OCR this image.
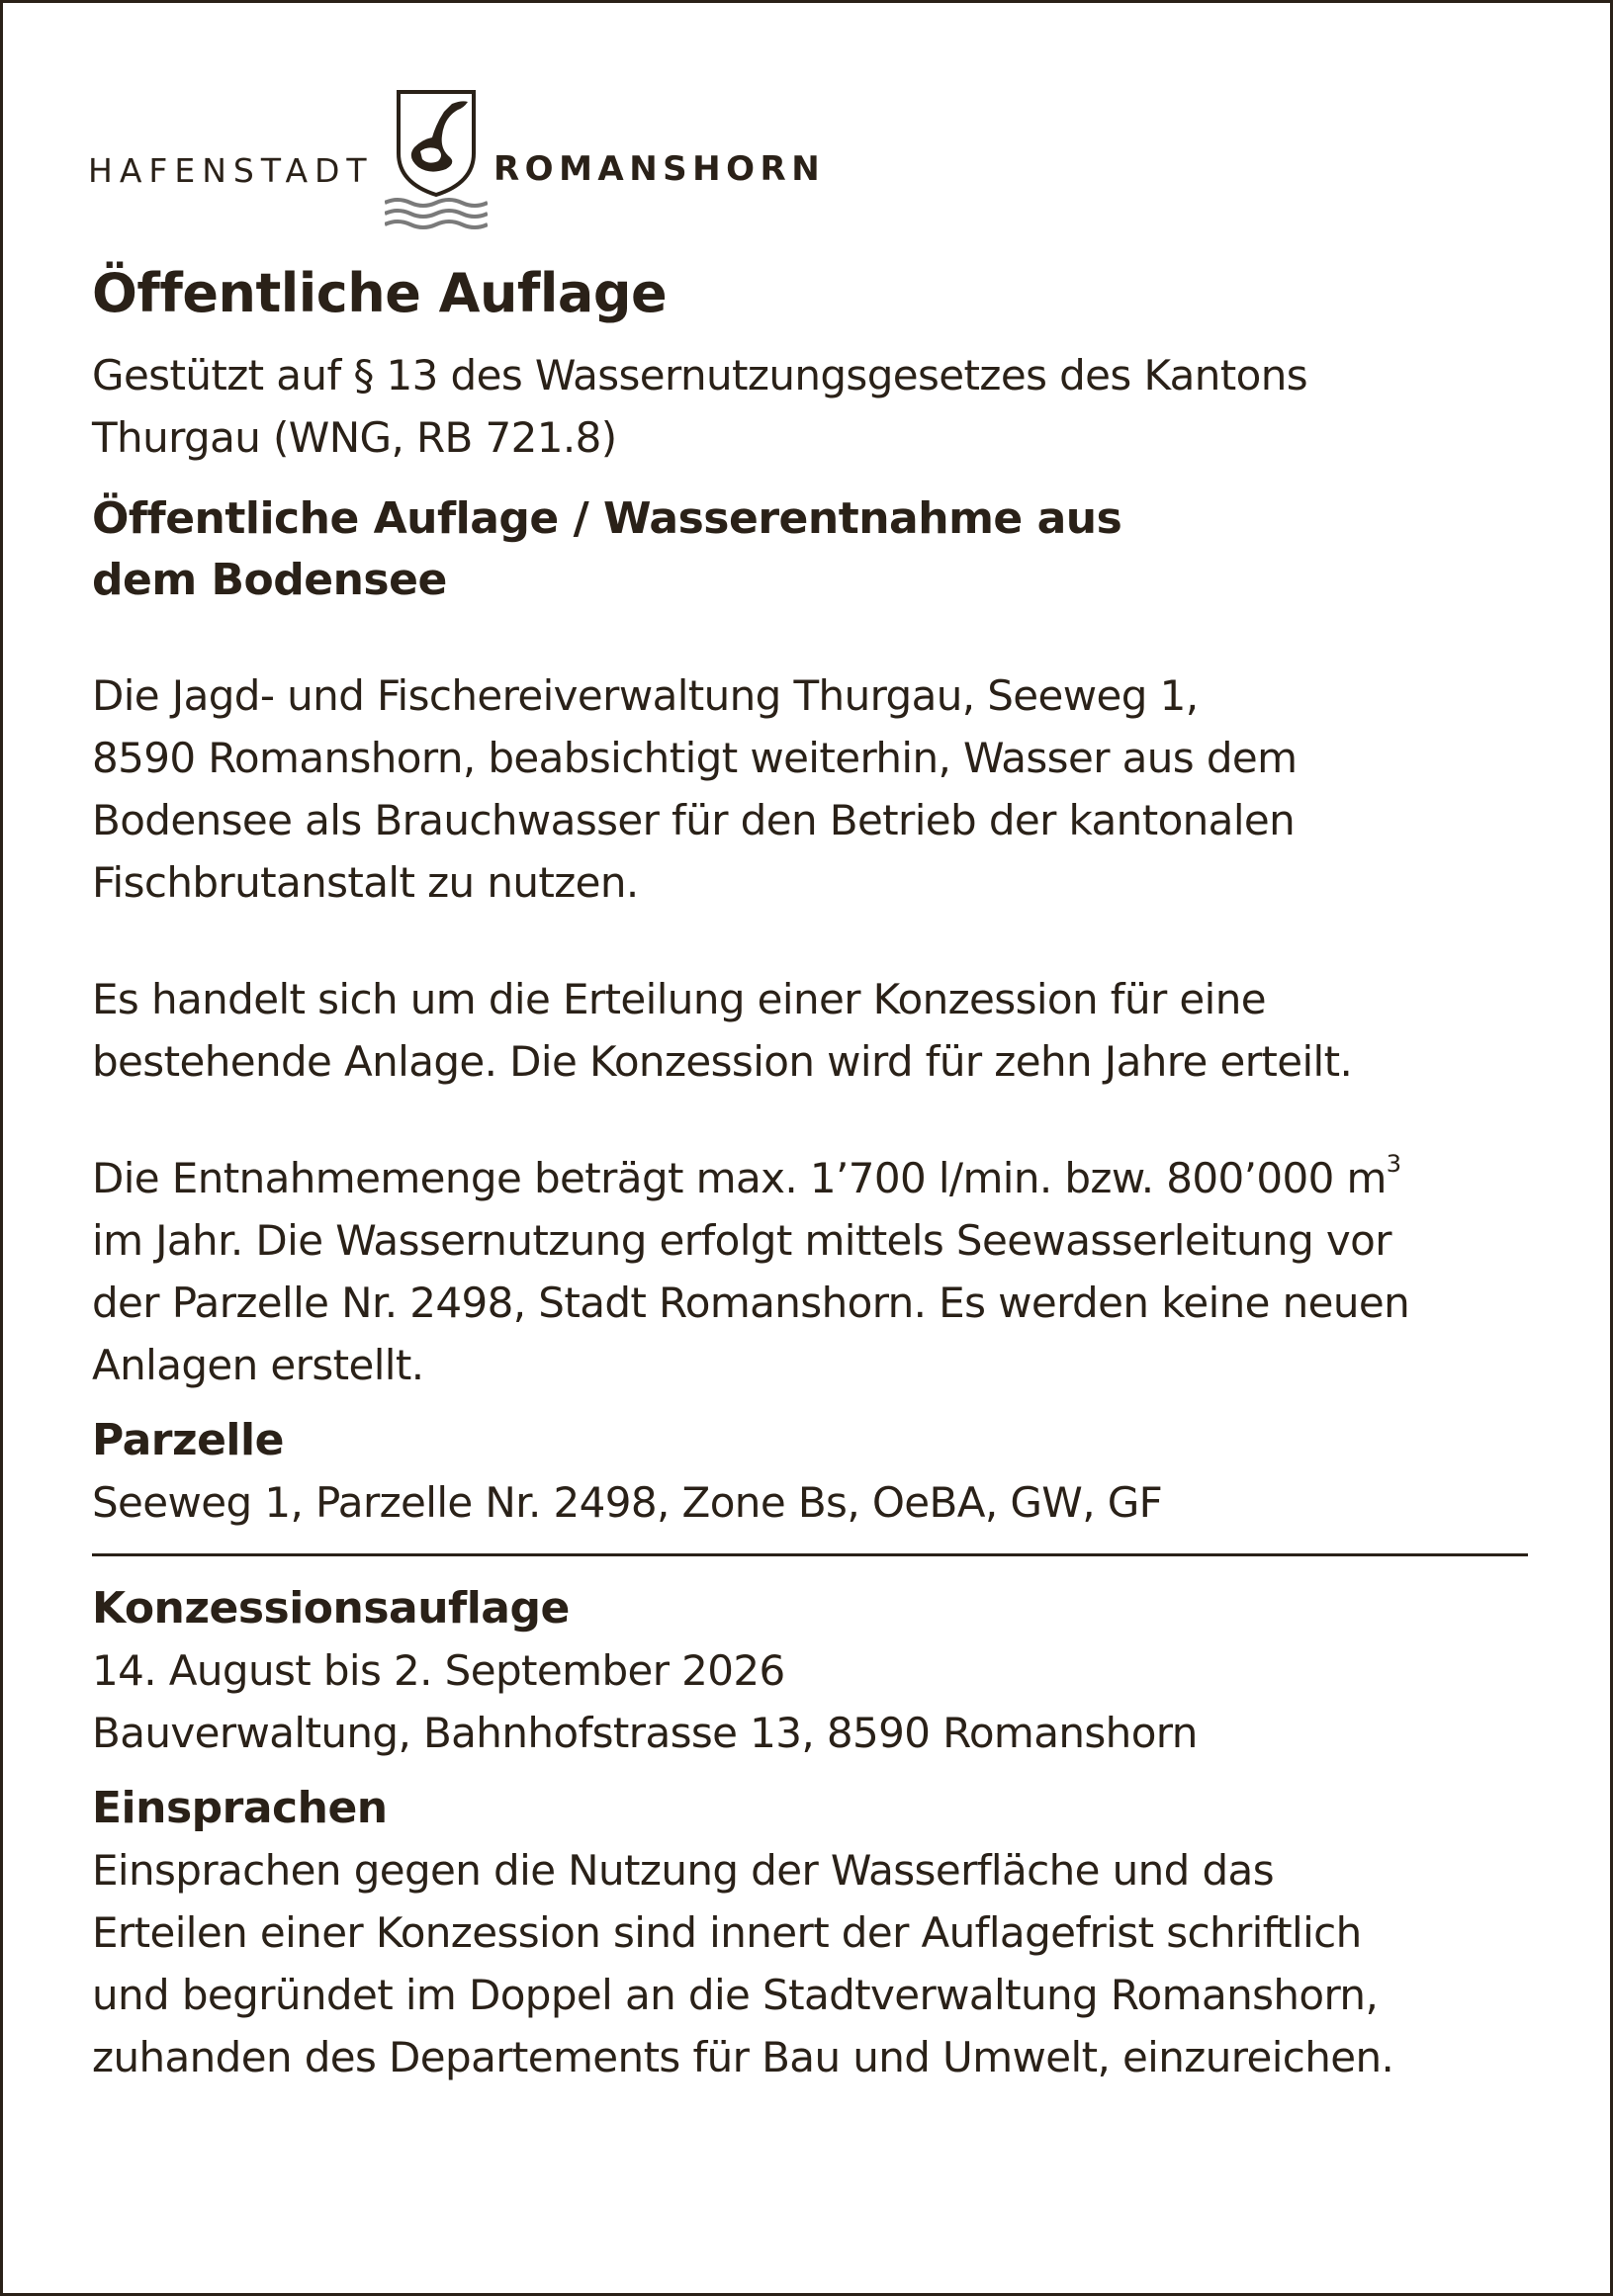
HAFENSTADT	ROMANSHORN
Öffentliche Auflage

Gestützt auf § 13 des Wassernutzungsgesetzes des Kantons
Thurgau (WNG, RB 721.8)

Öffentliche Auflage / Wasserentnahme aus
dem Bodensee

Die Jagd- und Fischereiverwaltung Thurgau, Seeweg 1,
8590 Romanshorn, beabsichtigt weiterhin, Wasser aus dem
Bodensee als Brauchwasser für den Betrieb der kantonalen
Fischbrutanstalt zu nutzen.

Es handelt sich um die Erteilung einer Konzession für eine
bestehende Anlage. Die Konzession wird für zehn Jahre erteilt.

Die Entnahmemenge beträgt max. 1’700 l/min. bzw. 800’000 $m^3$

im Jahr. Die Wassernutzung erfolgt mittels Seewasserleitung vor
der Parzelle Nr. 2498, Stadt Romanshorn. Es werden keine neuen
Anlagen erstellt.

Parzelle

Seeweg 1, Parzelle Nr. 2498, Zone Bs, OeBA, GW, GF

Konzessionsauflage

14. August bis 2. September 2026
Bauverwaltung, Bahnhofstrasse 13, 8590 Romanshorn

Einsprachen

Einsprachen gegen die Nutzung der Wasserfläche und das
Erteilen einer Konzession sind innert der Auflagefrist schriftlich
und begründet im Doppel an die Stadtverwaltung Romanshorn,
zuhanden des Departements für Bau und Umwelt, einzureichen.
